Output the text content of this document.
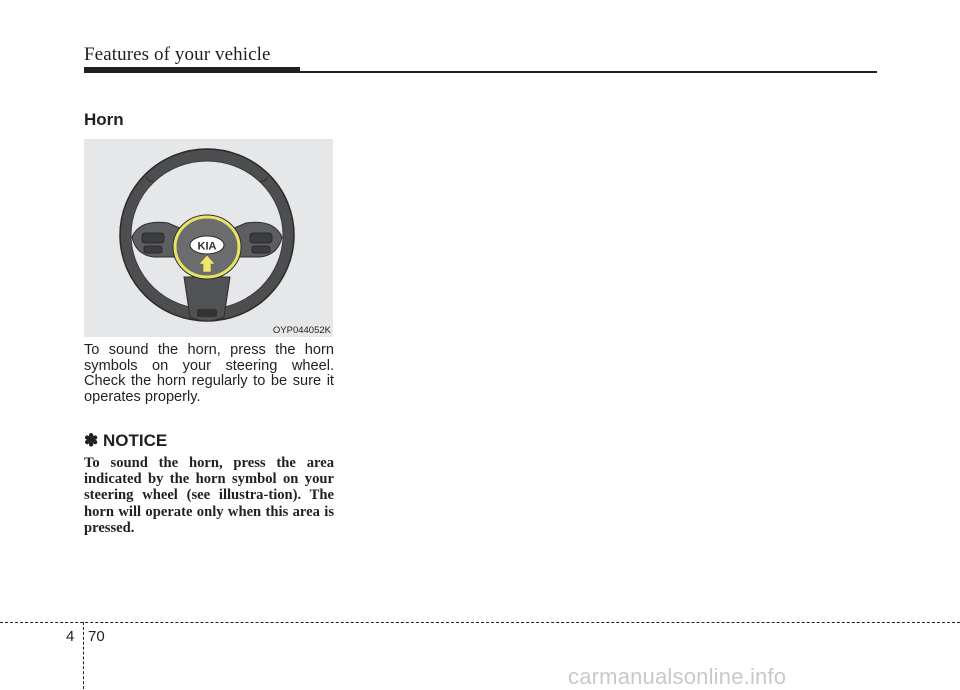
Features of your vehicle
Horn
KIA
OYP044052K
To sound the horn, press the horn symbols on your steering wheel. Check the horn regularly to be sure it operates properly.
✽ NOTICE
To sound the horn, press the area indicated by the horn symbol on your steering wheel (see illustra-tion). The horn will operate only when this area is pressed.
4 70
carmanualsonline.info
